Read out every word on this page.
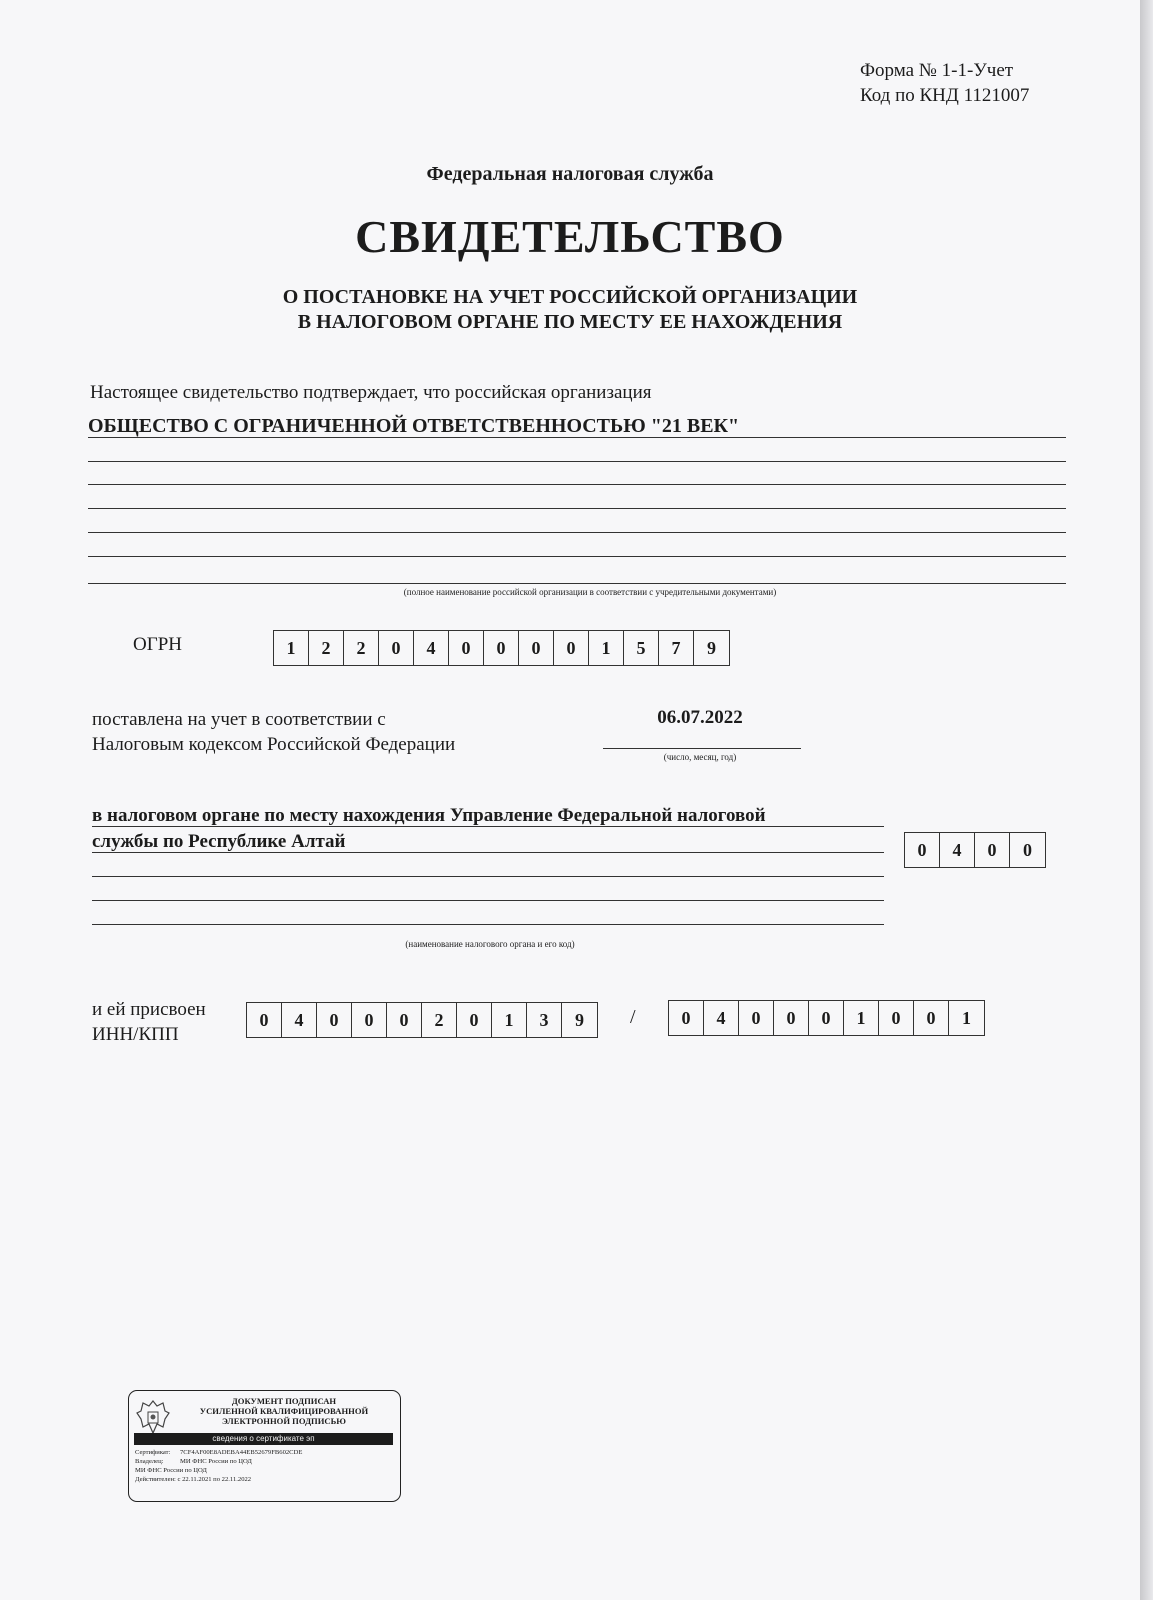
Форма № 1-1-Учет
Код по КНД 1121007
Федеральная налоговая служба
СВИДЕТЕЛЬСТВО
О ПОСТАНОВКЕ НА УЧЕТ РОССИЙСКОЙ ОРГАНИЗАЦИИ
В НАЛОГОВОМ ОРГАНЕ ПО МЕСТУ ЕЕ НАХОЖДЕНИЯ
Настоящее свидетельство подтверждает, что российская организация
ОБЩЕСТВО С ОГРАНИЧЕННОЙ ОТВЕТСТВЕННОСТЬЮ "21 ВЕК"
(полное наименование российской организации в соответствии с учредительными документами)
ОГРН	1	2	2	0	4	0	0	0	0	1	5	7	9
поставлена на учет в соответствии с
Налоговым кодексом Российской Федерации
06.07.2022
(число, месяц, год)
в налоговом органе по месту нахождения Управление Федеральной налоговой
службы по Республике Алтай	0	4	0	0
(наименование налогового органа и его код)
и ей присвоен
ИНН/КПП
0	4	0	0	0	2	0	1	3	9	/	0	4	0	0	0	1	0	0	1
ДОКУМЕНТ ПОДПИСАН
УСИЛЕННОЙ КВАЛИФИЦИРОВАННОЙ
ЭЛЕКТРОННОЙ ПОДПИСЬЮ
сведения о сертификате эп
Сертификат: 7CF4AF00E8ADEBA44EB52679FB602CDE
Владелец:	МИ ФНС России по ЦОД
МИ ФНС России по ЦОД
Действителен: с 22.11.2021 по 22.11.2022
